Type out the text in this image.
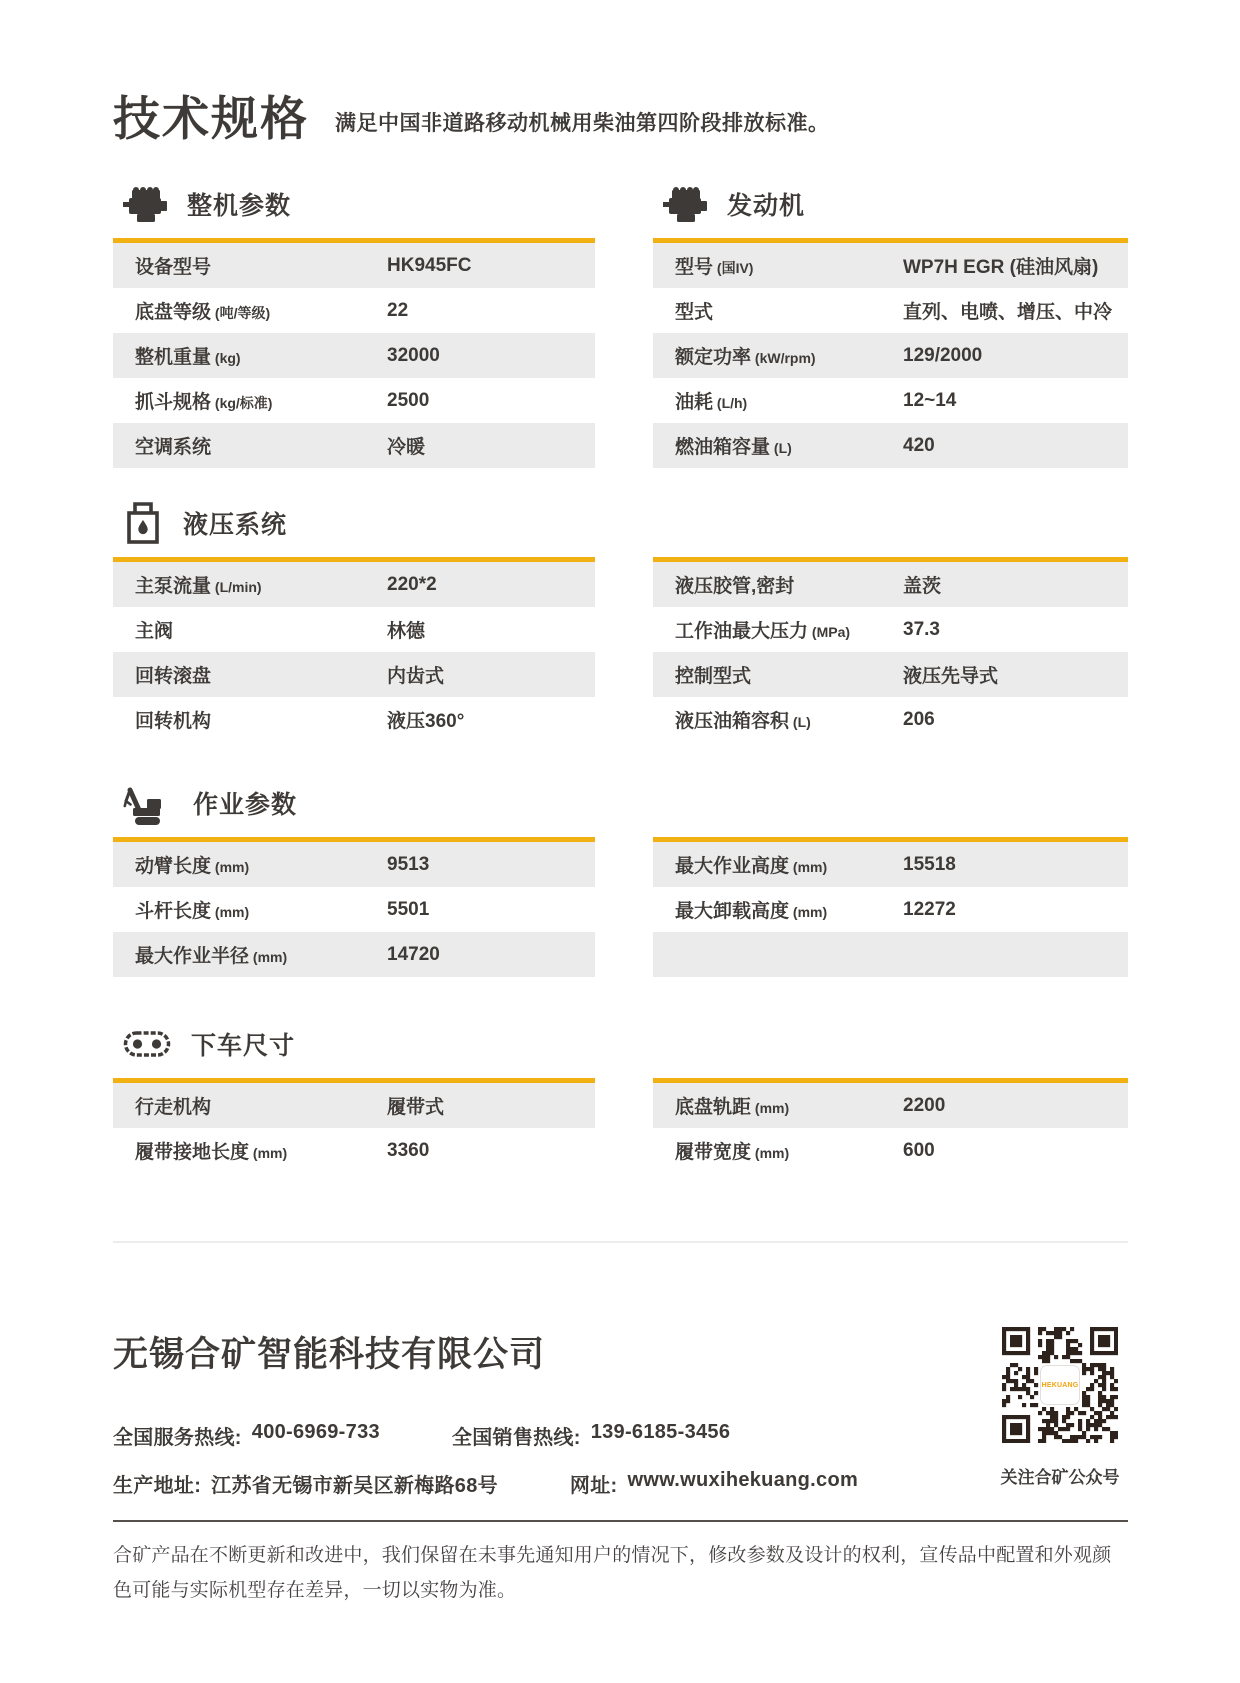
技术规格 满足中国非道路移动机械用柴油第四阶段排放标准。
整机参数
设备型号	HK945FC
底盘等级 (吨/等级)	22
整机重量 (kg)	32000
抓斗规格 (kg/标准)	2500
空调系统	冷暖
发动机
型号 (国IV)	WP7H EGR (硅油风扇)
型式	直列、电喷、增压、中冷
额定功率 (kW/rpm)	129/2000
油耗 (L/h)	12~14
燃油箱容量 (L)	420
液压系统
主泵流量 (L/min)	220*2
主阀	林德
回转滚盘	内齿式
回转机构	液压360°
液压胶管,密封	盖茨
工作油最大压力 (MPa)	37.3
控制型式	液压先导式
液压油箱容积 (L)	206
作业参数
动臂长度 (mm)	9513
斗杆长度 (mm)	5501
最大作业半径 (mm)	14720
最大作业高度 (mm)	15518
最大卸载高度 (mm)	12272
下车尺寸
行走机构	履带式
履带接地长度 (mm)	3360
底盘轨距 (mm)	2200
履带宽度 (mm)	600
无锡合矿智能科技有限公司
全国服务热线: 400-6969-733	全国销售热线: 139-6185-3456
生产地址: 江苏省无锡市新吴区新梅路68号	网址: www.wuxihekuang.com
HEKUANG
关注合矿公众号

合矿产品在不断更新和改进中，我们保留在未事先通知用户的情况下，修改参数及设计的权利，宣传品中配置和外观颜色可能与实际机型存在差异，一切以实物为准。
